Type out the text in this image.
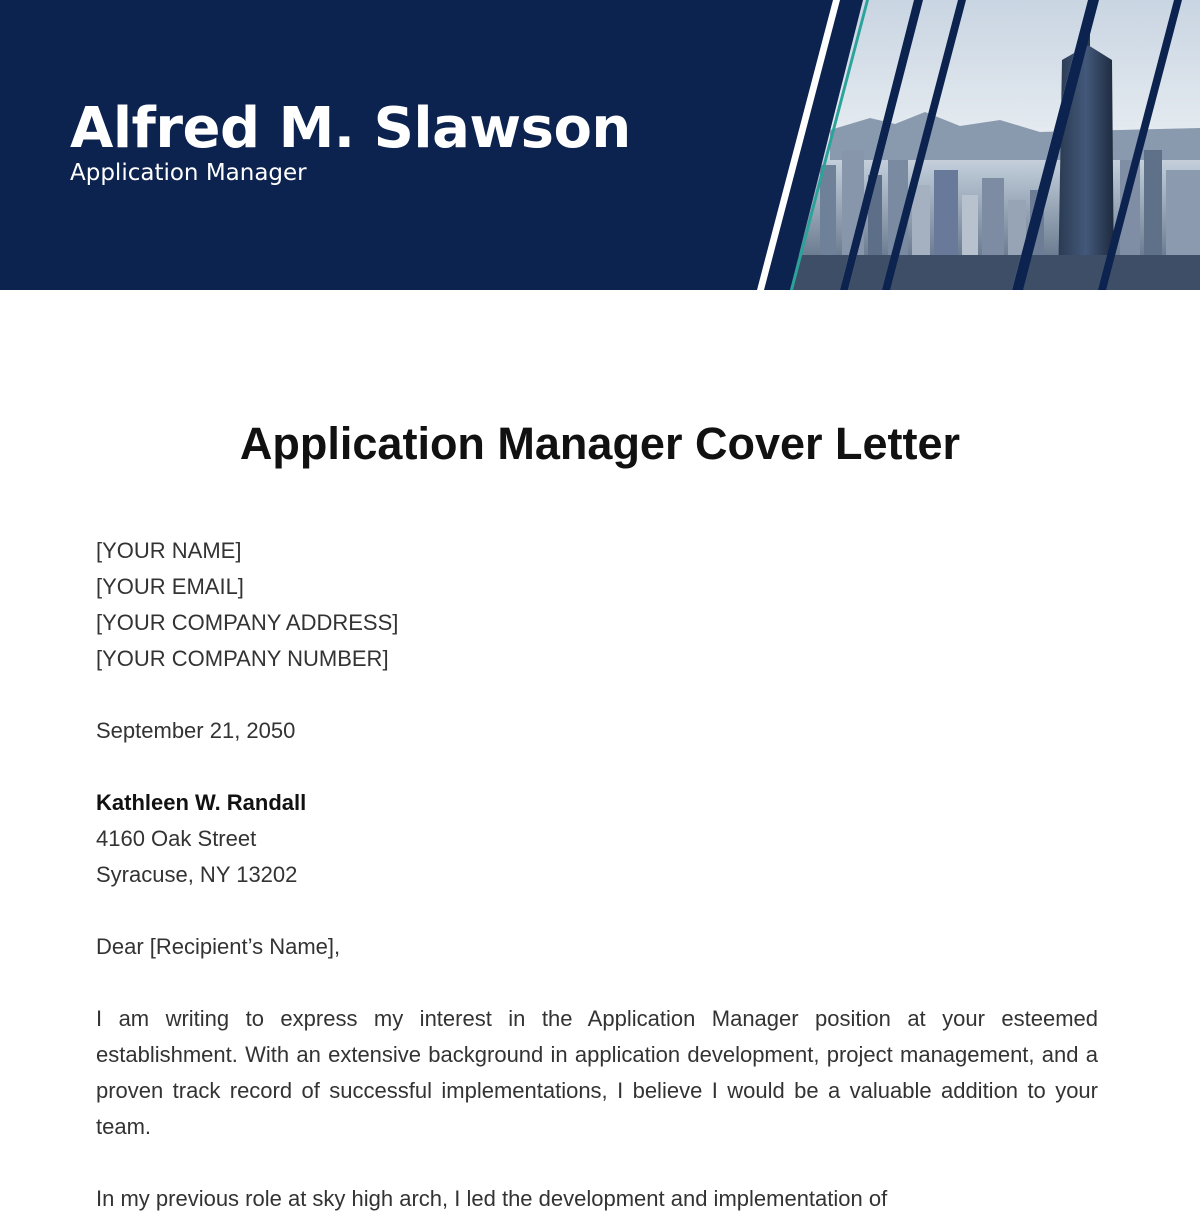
Alfred M. Slawson
Application Manager
Application Manager Cover Letter
[YOUR NAME]
[YOUR EMAIL]
[YOUR COMPANY ADDRESS]
[YOUR COMPANY NUMBER]
September 21, 2050
Kathleen W. Randall
4160 Oak Street
Syracuse, NY 13202
Dear [Recipient’s Name],

I am writing to express my interest in the Application Manager position at your esteemed establishment. With an extensive background in application development, project management, and a proven track record of successful implementations, I believe I would be a valuable addition to your team.

In my previous role at sky high arch, I led the development and implementation of
